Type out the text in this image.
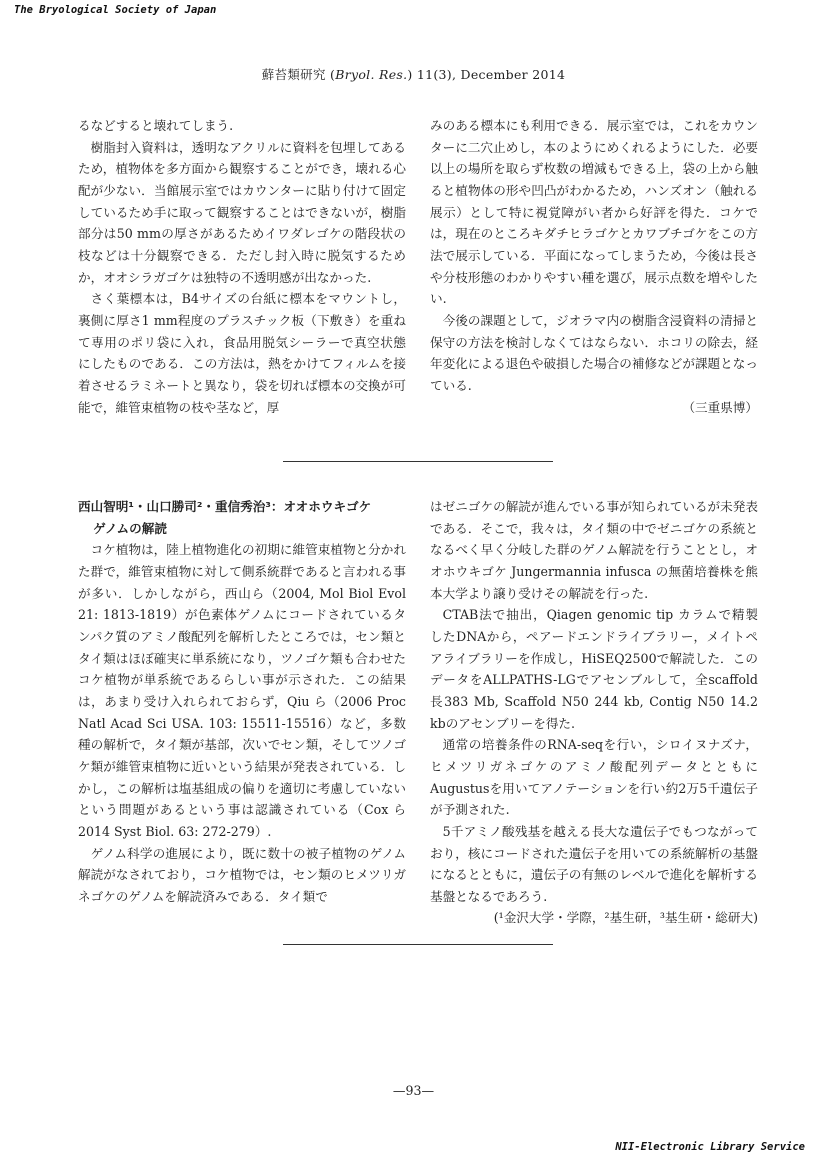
The Bryological Society of Japan
蘚苔類研究 (Bryol. Res.) 11(3), December 2014

るなどすると壊れてしまう.

樹脂封入資料は，透明なアクリルに資料を包埋してあるため，植物体を多方面から観察することができ，壊れる心配が少ない．当館展示室ではカウンターに貼り付けて固定しているため手に取って観察することはできないが，樹脂部分は50 mmの厚さがあるためイワダレゴケの階段状の枝などは十分観察できる．ただし封入時に脱気するためか，オオシラガゴケは独特の不透明感が出なかった.

さく葉標本は，B4サイズの台紙に標本をマウントし，裏側に厚さ1 mm程度のプラスチック板（下敷き）を重ねて専用のポリ袋に入れ，食品用脱気シーラーで真空状態にしたものである．この方法は，熱をかけてフィルムを接着させるラミネートと異なり，袋を切れば標本の交換が可能で，維管束植物の枝や茎など，厚

みのある標本にも利用できる．展示室では，これをカウンターに二穴止めし，本のようにめくれるようにした．必要以上の場所を取らず枚数の増減もできる上，袋の上から触ると植物体の形や凹凸がわかるため，ハンズオン（触れる展示）として特に視覚障がい者から好評を得た．コケでは，現在のところキダチヒラゴケとカワブチゴケをこの方法で展示している．平面になってしまうため，今後は長さや分枝形態のわかりやすい種を選び，展示点数を増やしたい.

今後の課題として，ジオラマ内の樹脂含浸資料の清掃と保守の方法を検討しなくてはならない．ホコリの除去，経年変化による退色や破損した場合の補修などが課題となっている.

（三重県博）

西山智明¹・山口勝司²・重信秀治³：オオホウキゴケ
ゲノムの解読

コケ植物は，陸上植物進化の初期に維管束植物と分かれた群で，維管束植物に対して側系統群であると言われる事が多い．しかしながら，西山ら（2004, Mol Biol Evol 21: 1813-1819）が色素体ゲノムにコードされているタンパク質のアミノ酸配列を解析したところでは，セン類とタイ類はほぼ確実に単系統になり，ツノゴケ類も合わせたコケ植物が単系統であるらしい事が示された．この結果は，あまり受け入れられておらず，Qiu ら（2006 Proc Natl Acad Sci USA. 103: 15511-15516）など，多数種の解析で，タイ類が基部，次いでセン類，そしてツノゴケ類が維管束植物に近いという結果が発表されている．しかし，この解析は塩基組成の偏りを適切に考慮していないという問題があるという事は認識されている（Cox ら 2014 Syst Biol. 63: 272-279）.

ゲノム科学の進展により，既に数十の被子植物のゲノム解読がなされており，コケ植物では，セン類のヒメツリガネゴケのゲノムを解読済みである．タイ類で

はゼニゴケの解読が進んでいる事が知られているが未発表である．そこで，我々は，タイ類の中でゼニゴケの系統となるべく早く分岐した群のゲノム解読を行うこととし，オオホウキゴケ Jungermannia infusca の無菌培養株を熊本大学より譲り受けその解読を行った.

CTAB法で抽出，Qiagen genomic tip カラムで精製したDNAから，ペアードエンドライブラリー，メイトペアライブラリーを作成し，HiSEQ2500で解読した．このデータをALLPATHS-LGでアセンブルして，全scaffold長383 Mb, Scaffold N50 244 kb, Contig N50 14.2 kbのアセンブリーを得た.

通常の培養条件のRNA-seqを行い，シロイヌナズナ，ヒメツリガネゴケのアミノ酸配列データとともにAugustusを用いてアノテーションを行い約2万5千遺伝子が予測された.

5千アミノ酸残基を越える長大な遺伝子でもつながっており，核にコードされた遺伝子を用いての系統解析の基盤になるとともに，遺伝子の有無のレベルで進化を解析する基盤となるであろう.

(¹金沢大学・学際，²基生研，³基生研・総研大)

—93—
NII-Electronic Library Service
